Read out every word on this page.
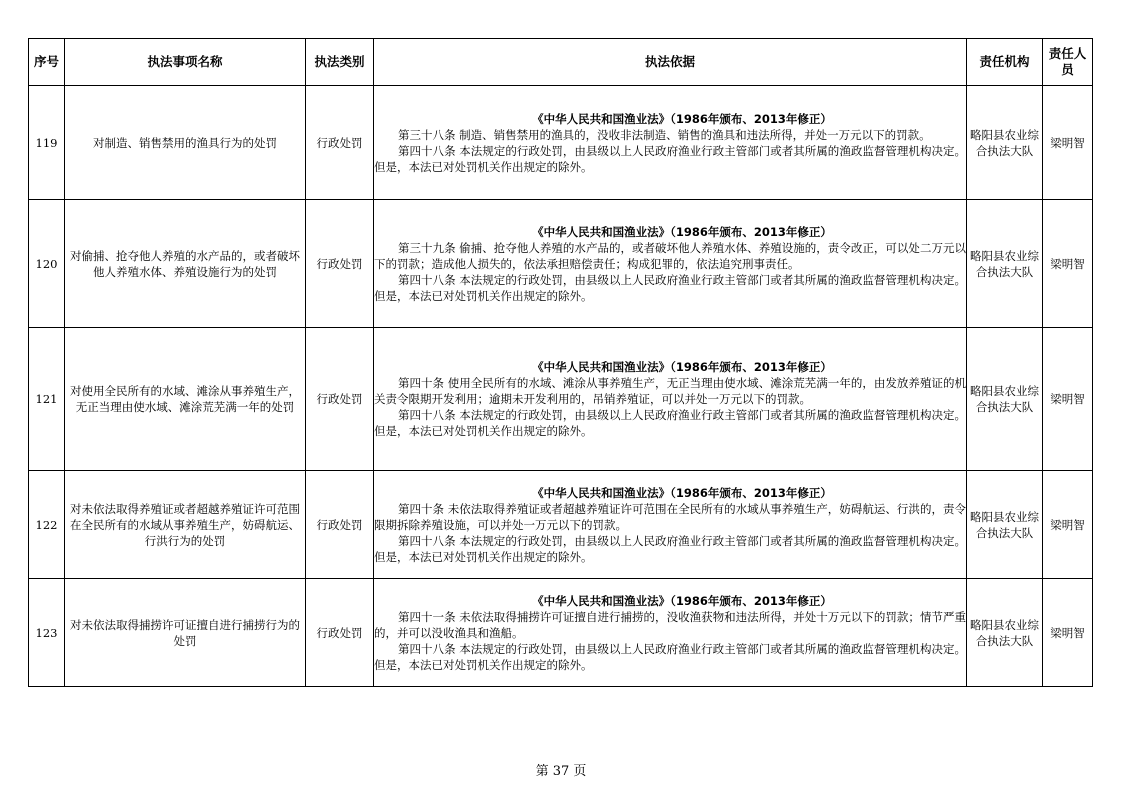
序号	执法事项名称	执法类别	执法依据	责任机构	责任人员
119	对制造、销售禁用的渔具行为的处罚	行政处罚	《中华人民共和国渔业法》（1986年颁布、2013年修正）
第三十八条 制造、销售禁用的渔具的，没收非法制造、销售的渔具和违法所得，并处一万元以下的罚款。
第四十八条 本法规定的行政处罚，由县级以上人民政府渔业行政主管部门或者其所属的渔政监督管理机构决定。但是，本法已对处罚机关作出规定的除外。	略阳县农业综合执法大队	梁明智
120	对偷捕、抢夺他人养殖的水产品的，或者破坏他人养殖水体、养殖设施行为的处罚	行政处罚	《中华人民共和国渔业法》（1986年颁布、2013年修正）
第三十九条 偷捕、抢夺他人养殖的水产品的，或者破坏他人养殖水体、养殖设施的，责令改正，可以处二万元以下的罚款；造成他人损失的，依法承担赔偿责任；构成犯罪的，依法追究刑事责任。
第四十八条 本法规定的行政处罚，由县级以上人民政府渔业行政主管部门或者其所属的渔政监督管理机构决定。但是，本法已对处罚机关作出规定的除外。	略阳县农业综合执法大队	梁明智
121	对使用全民所有的水域、滩涂从事养殖生产，无正当理由使水域、滩涂荒芜满一年的处罚	行政处罚	《中华人民共和国渔业法》（1986年颁布、2013年修正）
第四十条 使用全民所有的水域、滩涂从事养殖生产，无正当理由使水域、滩涂荒芜满一年的，由发放养殖证的机关责令限期开发利用；逾期未开发利用的，吊销养殖证，可以并处一万元以下的罚款。
第四十八条 本法规定的行政处罚，由县级以上人民政府渔业行政主管部门或者其所属的渔政监督管理机构决定。但是，本法已对处罚机关作出规定的除外。	略阳县农业综合执法大队	梁明智
122	对未依法取得养殖证或者超越养殖证许可范围在全民所有的水域从事养殖生产，妨碍航运、行洪行为的处罚	行政处罚	《中华人民共和国渔业法》（1986年颁布、2013年修正）
第四十条 未依法取得养殖证或者超越养殖证许可范围在全民所有的水域从事养殖生产，妨碍航运、行洪的，责令限期拆除养殖设施，可以并处一万元以下的罚款。
第四十八条 本法规定的行政处罚，由县级以上人民政府渔业行政主管部门或者其所属的渔政监督管理机构决定。但是，本法已对处罚机关作出规定的除外。	略阳县农业综合执法大队	梁明智
123	对未依法取得捕捞许可证擅自进行捕捞行为的处罚	行政处罚	《中华人民共和国渔业法》（1986年颁布、2013年修正）
第四十一条 未依法取得捕捞许可证擅自进行捕捞的，没收渔获物和违法所得，并处十万元以下的罚款；情节严重的，并可以没收渔具和渔船。
第四十八条 本法规定的行政处罚，由县级以上人民政府渔业行政主管部门或者其所属的渔政监督管理机构决定。但是，本法已对处罚机关作出规定的除外。	略阳县农业综合执法大队	梁明智
第 37 页
